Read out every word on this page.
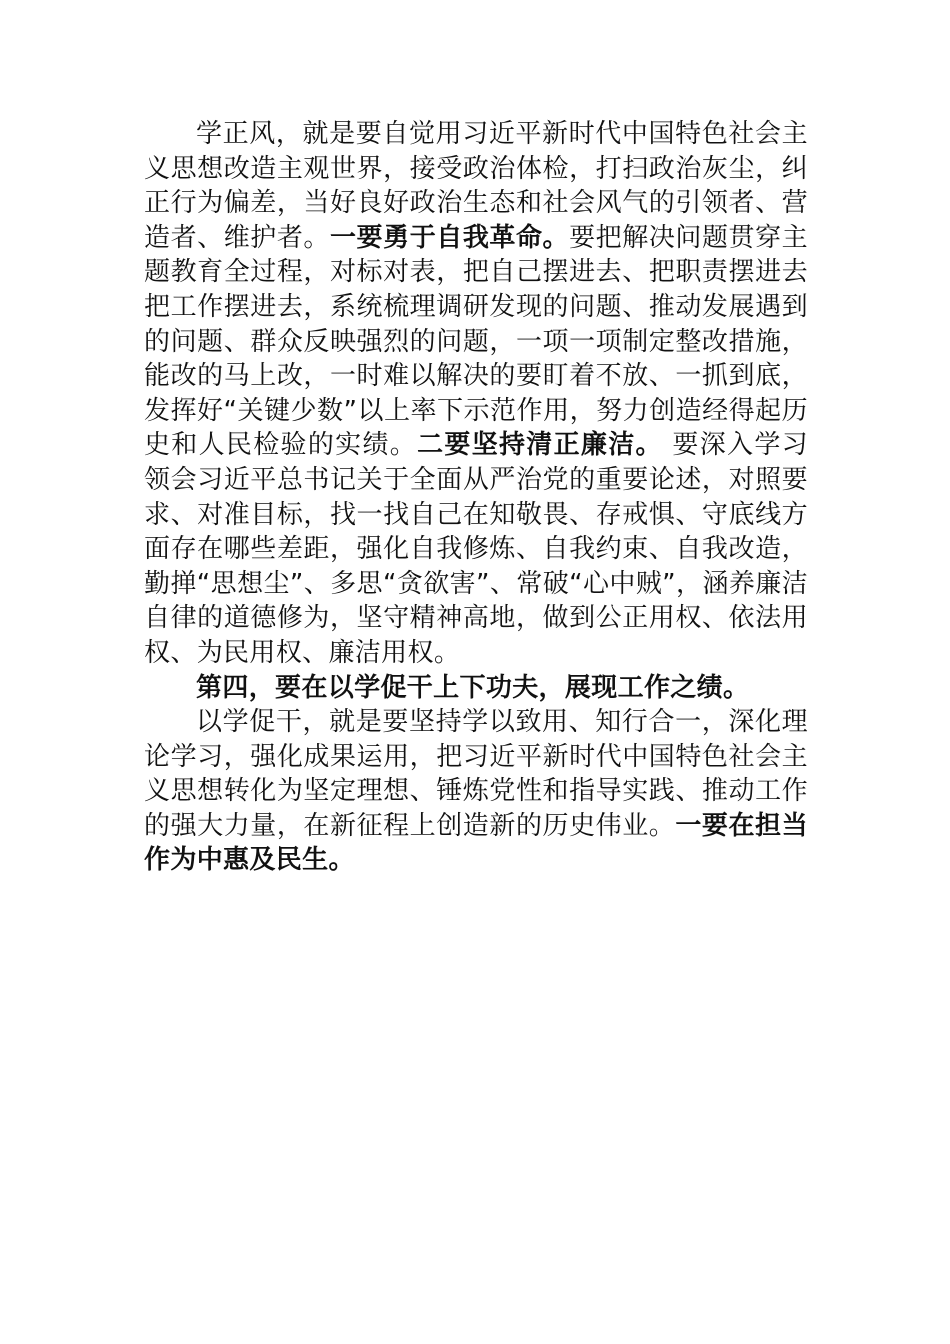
学正风，就是要自觉用习近平新时代中国特色社会主义思想改造主观世界，接受政治体检，打扫政治灰尘，纠正行为偏差，当好良好政治生态和社会风气的引领者、营造者、维护者。一要勇于自我革命。要把解决问题贯穿主题教育全过程，对标对表，把自己摆进去、把职责摆进去把工作摆进去，系统梳理调研发现的问题、推动发展遇到的问题、群众反映强烈的问题，一项一项制定整改措施，能改的马上改，一时难以解决的要盯着不放、一抓到底，发挥好“关键少数”以上率下示范作用，努力创造经得起历史和人民检验的实绩。二要坚持清正廉洁。 要深入学习领会习近平总书记关于全面从严治党的重要论述，对照要求、对准目标，找一找自己在知敬畏、存戒惧、守底线方面存在哪些差距，强化自我修炼、自我约束、自我改造，勤掸“思想尘”、多思“贪欲害”、常破“心中贼”，涵养廉洁自律的道德修为，坚守精神高地，做到公正用权、依法用权、为民用权、廉洁用权。

第四，要在以学促干上下功夫，展现工作之绩。

以学促干，就是要坚持学以致用、知行合一，深化理论学习，强化成果运用，把习近平新时代中国特色社会主义思想转化为坚定理想、锤炼党性和指导实践、推动工作的强大力量，在新征程上创造新的历史伟业。一要在担当作为中惠及民生。
